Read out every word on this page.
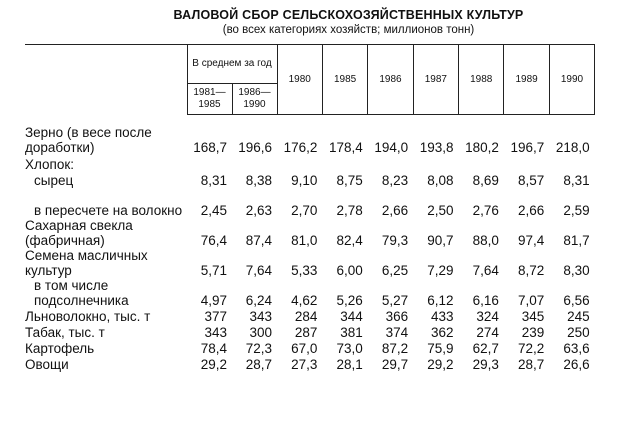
ВАЛОВОЙ СБОР СЕЛЬСКОХОЗЯЙСТВЕННЫХ КУЛЬТУР
(во всех категориях хозяйств; миллионов тонн)
	В среднем за год		1980	1985	1986	1987	1988	1989	1990
	1981—1985	1986—1990							

Зерно (в весе после доработки)	168,7	196,6	176,2	178,4	194,0	193,8	180,2	196,7	218,0
Хлопок:									
сырец	8,31	8,38	9,10	8,75	8,23	8,08	8,69	8,57	8,31
в пересчете на волокно	2,45	2,63	2,70	2,78	2,66	2,50	2,76	2,66	2,59
Сахарная свекла (фабричная)	76,4	87,4	81,0	82,4	79,3	90,7	88,0	97,4	81,7
Семена масличных культур	5,71	7,64	5,33	6,00	6,25	7,29	7,64	8,72	8,30
в том числе подсолнечника	4,97	6,24	4,62	5,26	5,27	6,12	6,16	7,07	6,56
Льноволокно, тыс. т	377	343	284	344	366	433	324	345	245
Табак, тыс. т	343	300	287	381	374	362	274	239	250
Картофель	78,4	72,3	67,0	73,0	87,2	75,9	62,7	72,2	63,6
Овощи	29,2	28,7	27,3	28,1	29,7	29,2	29,3	28,7	26,6
